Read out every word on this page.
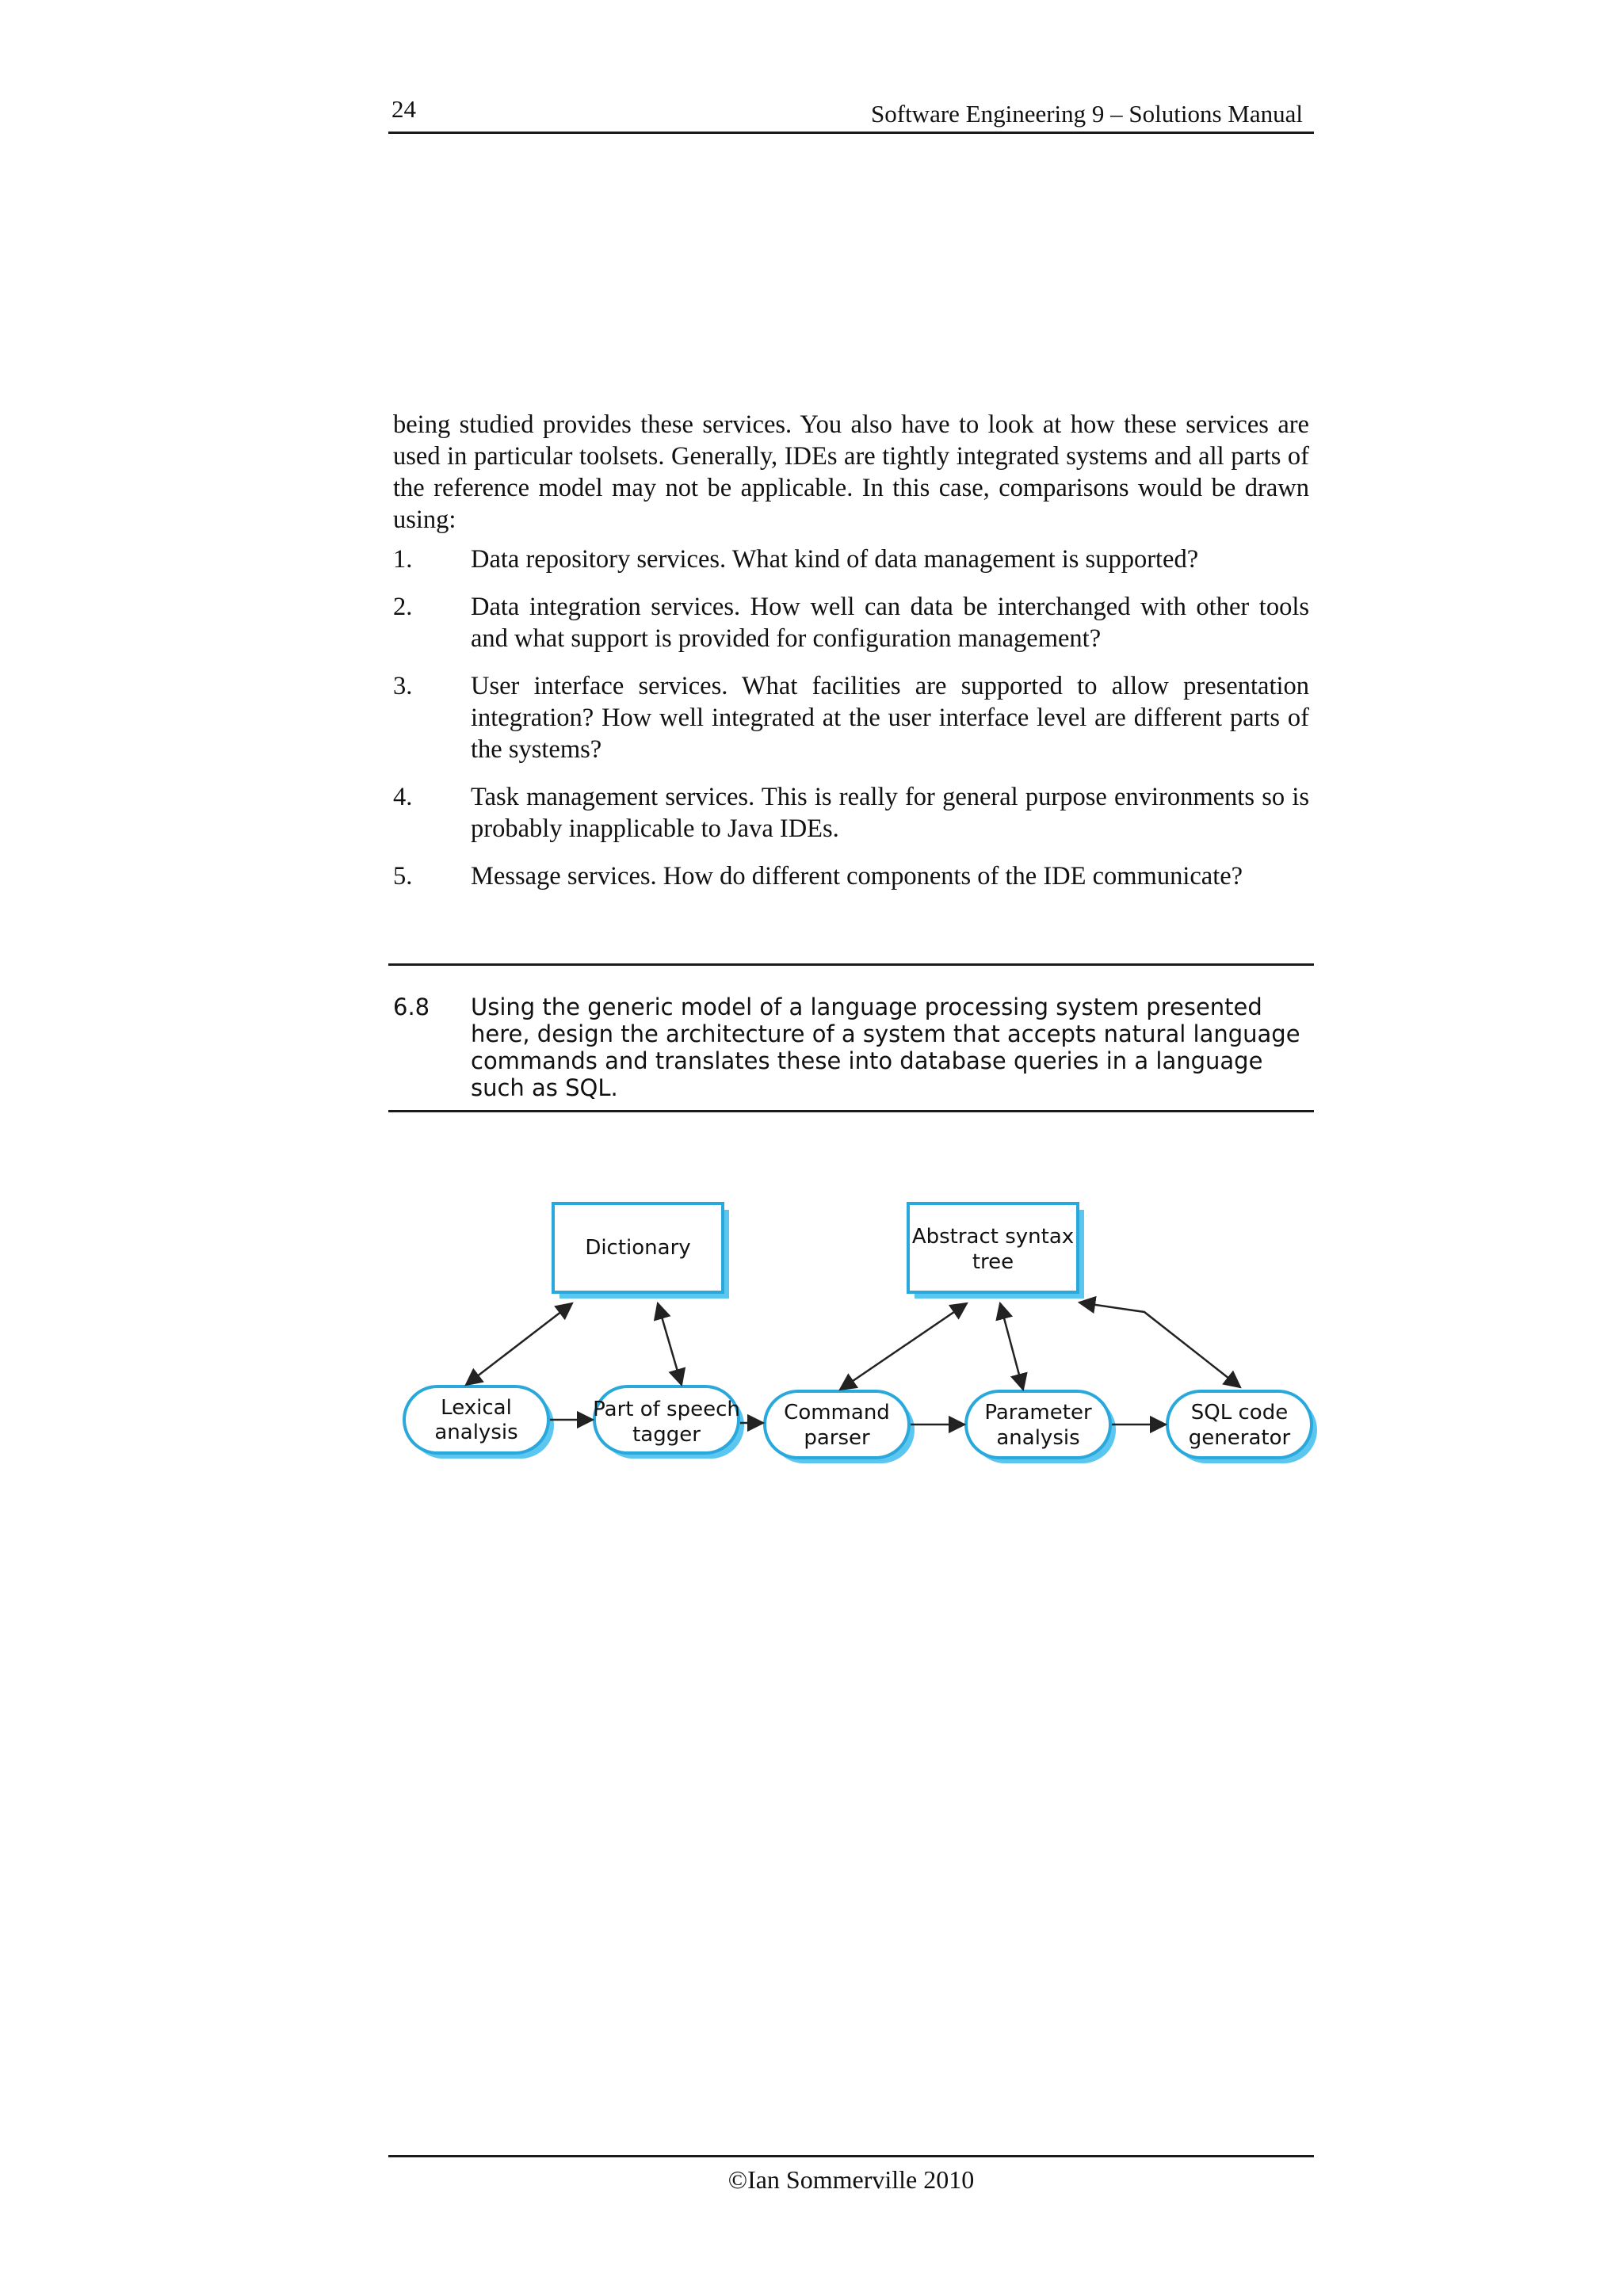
24	Software Engineering 9 – Solutions Manual

being studied provides these services. You also have to look at how these services are used in particular toolsets. Generally, IDEs are tightly integrated systems and all parts of the reference model may not be applicable. In this case, comparisons would be drawn using:

1. Data repository services. What kind of data management is supported?
2. Data integration services. How well can data be interchanged with other tools and what support is provided for configuration management?
3. User interface services. What facilities are supported to allow presentation integration? How well integrated at the user interface level are different parts of the systems?
4. Task management services. This is really for general purpose environments so is probably inapplicable to Java IDEs.
5. Message services. How do different components of the IDE communicate?
6.8	Using the generic model of a language processing system presented here, design the architecture of a system that accepts natural language commands and translates these into database queries in a language such as SQL.
Dictionary	Abstract syntax
tree
Lexical
analysis
Part of speech
tagger
Command
parser
Parameter
analysis
SQL code
generator
©Ian Sommerville 2010
